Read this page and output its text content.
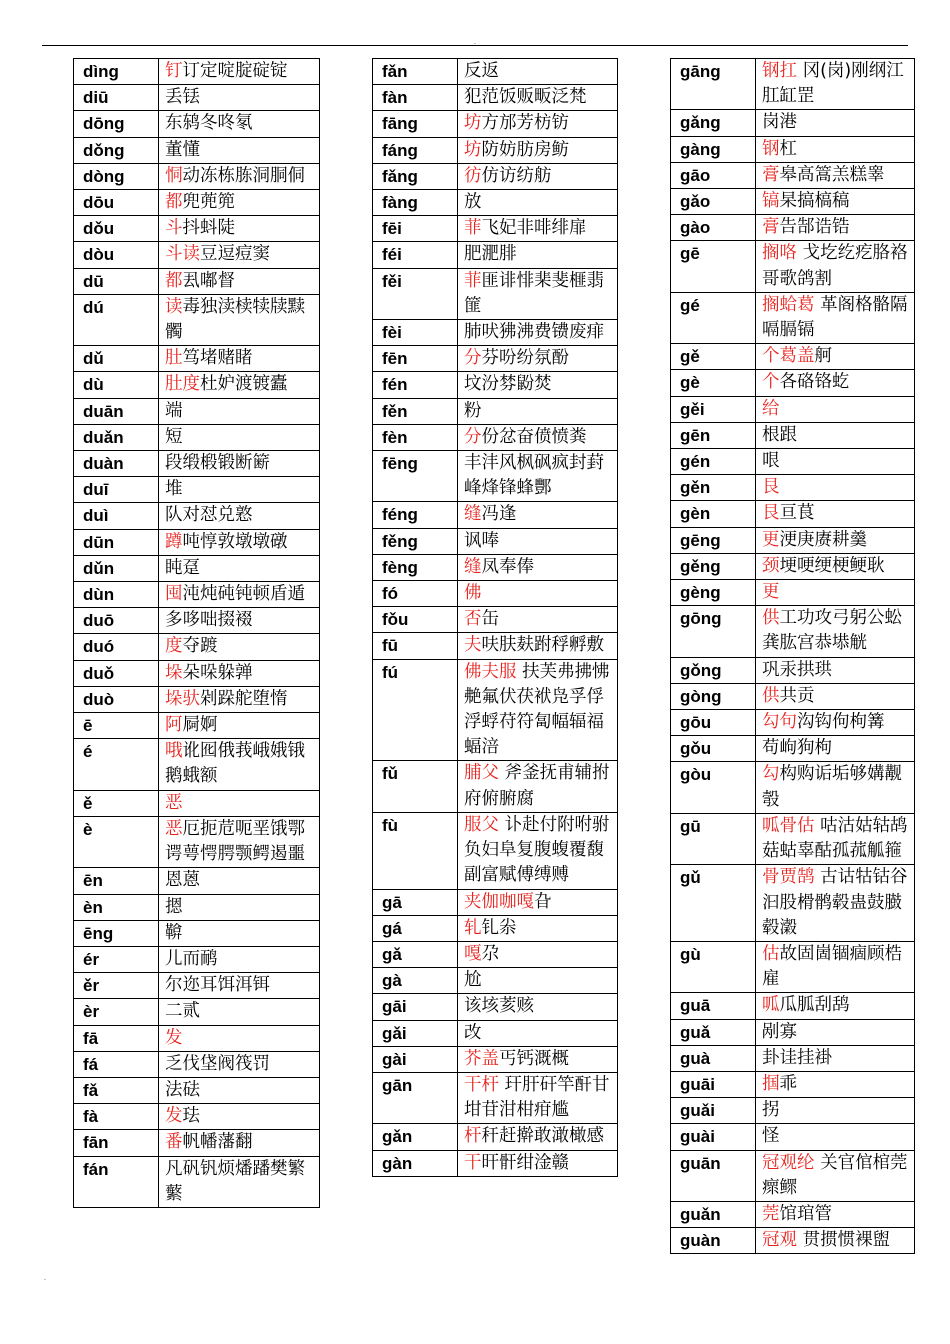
.
.
dìng	钉订定啶腚碇锭
diū	丢铥
dōng	东鸫冬咚氡
dǒng	董懂
dòng	恫动冻栋胨洞胴侗
dōu	都兜蔸篼
dǒu	斗抖蚪陡
dòu	斗读豆逗痘窦
dū	都厾嘟督
dú	读毒独渎椟犊牍黩髑
dǔ	肚笃堵赌睹
dù	肚度杜妒渡镀蠹
duān	端
duǎn	短
duàn	段缎椴锻断簖
duī	堆
duì	队对怼兑憝
dūn	蹲吨惇敦墩墩礅
dǔn	盹趸
dùn	囤沌炖砘钝顿盾遁
duō	多哆咄掇裰
duó	度夺踱
duǒ	垛朵哚躲亸
duò	垛驮剁跺舵堕惰
ē	阿屙婀
é	哦讹囮俄莪峨娥锇鹅蛾额
ě	恶
è	恶厄扼苊呃垩饿鄂谔萼愕腭颚鳄遏噩
ēn	恩蒽
èn	摁
ēng	鞥
ér	儿而鸸
ěr	尔迩耳饵洱铒
èr	二贰
fā	发
fá	乏伐垡阀筏罚
fǎ	法砝
fà	发珐
fān	番帆幡藩翻
fán	凡矾钒烦燔蹯樊繁蘩
fǎn	反返
fàn	犯范饭贩畈泛梵
fāng	坊方邡芳枋钫
fáng	坊防妨肪房鲂
fǎng	彷仿访纺舫
fàng	放
fēi	菲飞妃非啡绯扉
féi	肥淝腓
fěi	菲匪诽悱棐斐榧翡篚
fèi	肺吠狒沸费镄废痱
fēn	分芬吩纷氛酚
fén	坟汾棼鼢焚
fěn	粉
fèn	分份忿奋偾愤粪
fēng	丰沣风枫砜疯封葑峰烽锋蜂酆
féng	缝冯逢
fěng	讽唪
fèng	缝凤奉俸
fó	佛
fǒu	否缶
fū	夫呋肤麸跗稃孵敷
fú	佛夫服 扶芙弗拂怫艴氟伏茯袱凫孚俘浮蜉苻符匐幅辐福蝠涪
fǔ	脯父 斧釜抚甫辅拊府俯腑腐
fù	服父 讣赴付附咐驸负妇阜复腹蝮覆馥副富赋傅缚赙
gā	夹伽咖嘎旮
gá	轧钆尜
gǎ	嘎尕
gà	尬
gāi	该垓荄赅
gǎi	改
gài	芥盖丐钙溉概
gān	干杆 玕肝矸竿酐甘坩苷泔柑疳尴
gǎn	杆秆赶擀敢澉橄感
gàn	干旰骭绀淦赣
gāng	钢扛 冈(岗)刚纲江肛缸罡
gǎng	岗港
gàng	钢杠
gāo	膏皋高篙羔糕睾
gǎo	镐杲搞槁稿
gào	膏告郜诰锆
gē	搁咯 戈圪纥疙胳袼哥歌鸽割
gé	搁蛤葛 革阁格骼隔嗝膈镉
gě	个葛盖舸
gè	个各硌铬虼
gěi	给
gēn	根跟
gén	哏
gěn	艮
gèn	艮亘茛
gēng	更浭庚赓耕羹
gěng	颈埂哽绠梗鲠耿
gèng	更
gōng	供工功攻弓躬公蚣龚肱宫恭塨觥
gǒng	巩汞拱珙
gòng	供共贡
gōu	勾句沟钩佝枸篝
gǒu	苟岣狗枸
gòu	勾构购诟垢够媾觏彀
gū	呱骨估 咕沽姑轱鸪菇蛄辜酤孤菰觚箍
gǔ	骨贾鹄 古诂牯钴谷汩股榾鹘毂蛊鼓臌毂瀔
gù	估故固崮锢痼顾梏雇
guā	呱瓜胍刮鸹
guǎ	剐寡
guà	卦诖挂褂
guāi	掴乖
guǎi	拐
guài	怪
guān	冠观纶 关官倌棺莞瘝鳏
guǎn	莞馆琯管
guàn	冠观 贯掼惯裸盥
